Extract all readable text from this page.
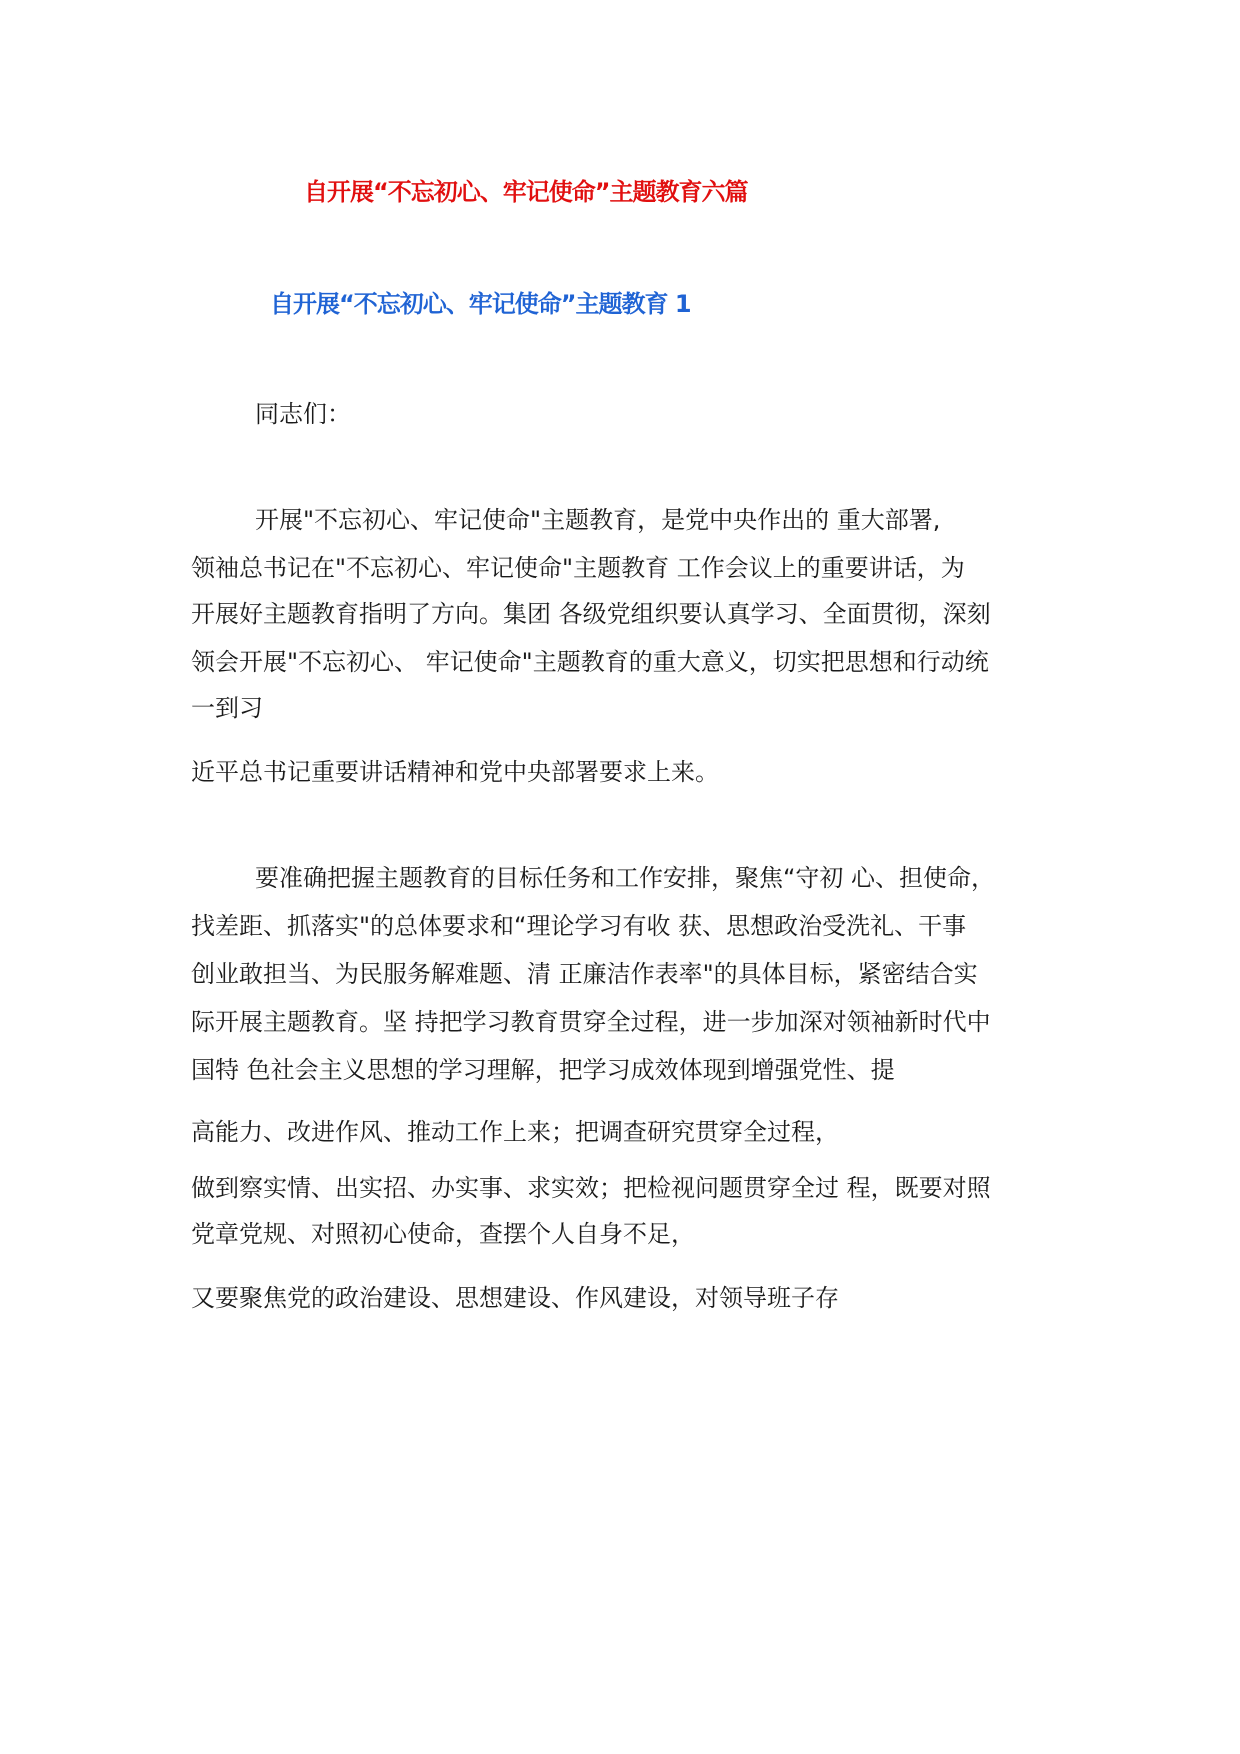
自开展“不忘初心、牢记使命”主题教育六篇
自开展“不忘初心、牢记使命”主题教育 1
同志们：
开展"不忘初心、牢记使命"主题教育，是党中央作出的 重大部署,
领袖总书记在"不忘初心、牢记使命"主题教育 工作会议上的重要讲话，为
开展好主题教育指明了方向。集团 各级党组织要认真学习、全面贯彻，深刻
领会开展"不忘初心、 牢记使命"主题教育的重大意义，切实把思想和行动统
一到习
近平总书记重要讲话精神和党中央部署要求上来。
要准确把握主题教育的目标任务和工作安排，聚焦“守初 心、担使命，
找差距、抓落实"的总体要求和“理论学习有收 获、思想政治受洗礼、干事
创业敢担当、为民服务解难题、清 正廉洁作表率"的具体目标，紧密结合实
际开展主题教育。坚 持把学习教育贯穿全过程，进一步加深对领袖新时代中
国特 色社会主义思想的学习理解，把学习成效体现到增强党性、提
高能力、改进作风、推动工作上来；把调查研究贯穿全过程，
做到察实情、出实招、办实事、求实效；把检视问题贯穿全过 程，既要对照
党章党规、对照初心使命，查摆个人自身不足，
又要聚焦党的政治建设、思想建设、作风建设，对领导班子存
